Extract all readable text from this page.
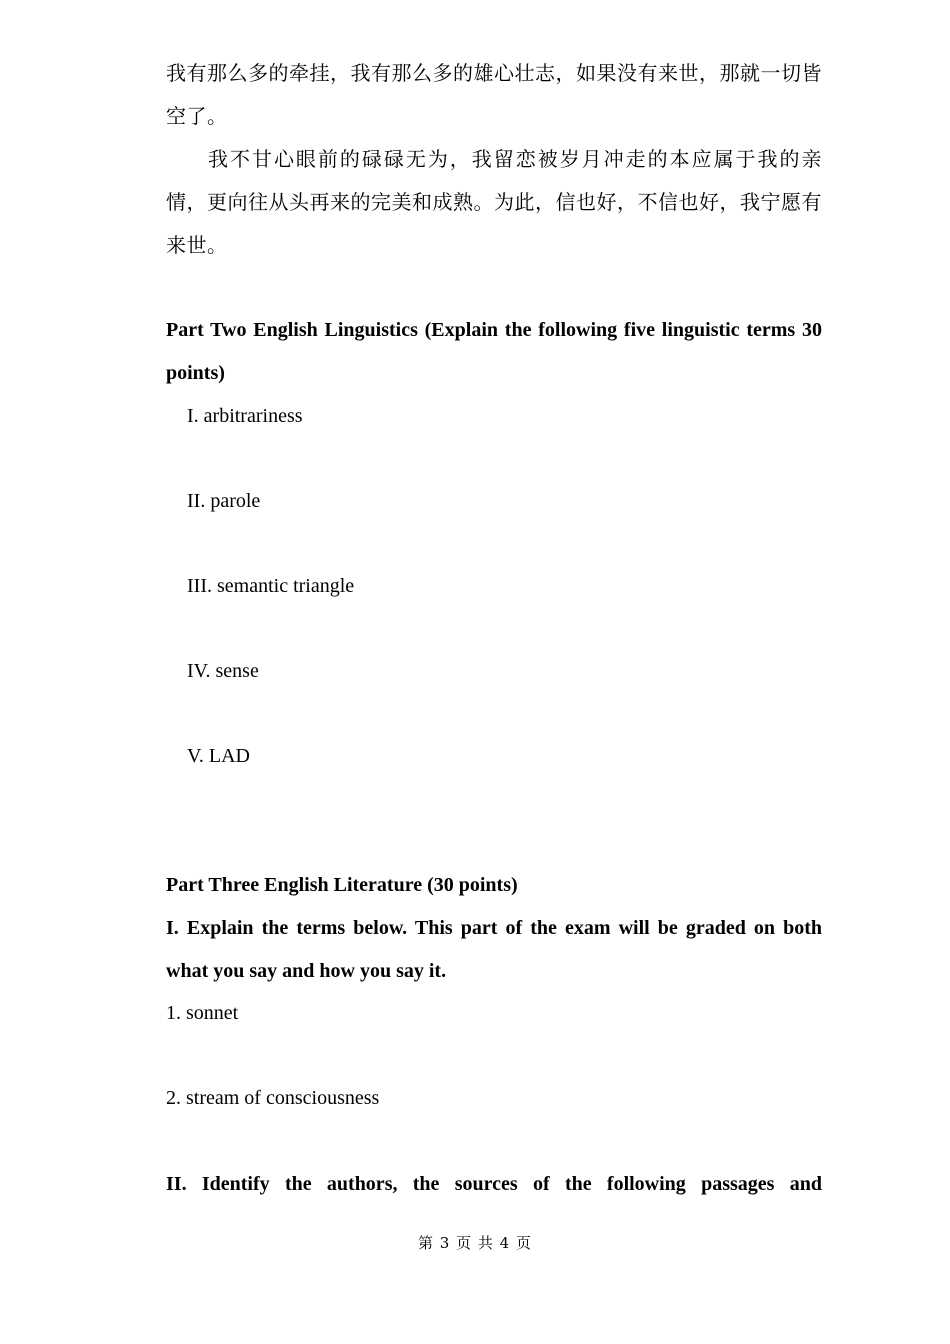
我有那么多的牵挂，我有那么多的雄心壮志，如果没有来世，那就一切皆空了。

我不甘心眼前的碌碌无为，我留恋被岁月冲走的本应属于我的亲情，更向往从头再来的完美和成熟。为此，信也好，不信也好，我宁愿有来世。

Part Two English Linguistics (Explain the following five linguistic terms 30 points)

I. arbitrariness

II. parole

III. semantic triangle

IV. sense

V. LAD

Part Three English Literature (30 points)

I. Explain the terms below. This part of the exam will be graded on both what you say and how you say it.

1. sonnet

2. stream of consciousness

II. Identify the authors, the sources of the following passages and

第 3 页 共 4 页
